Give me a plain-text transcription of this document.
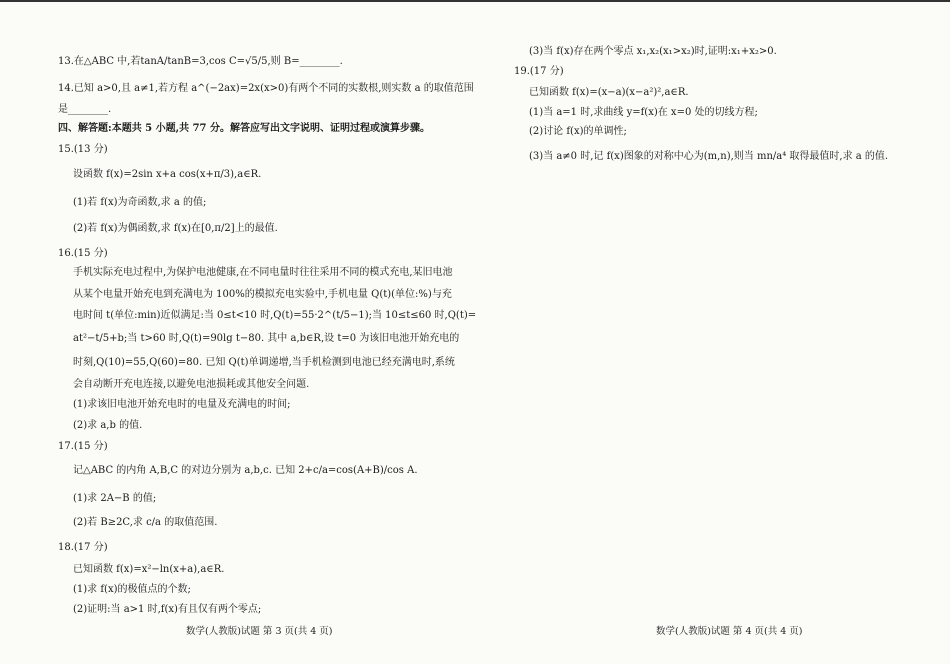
13.在△ABC 中,若tanA/tanB=3,cos C=√5/5,则 B=________.
14.已知 a>0,且 a≠1,若方程 a^(−2ax)=2x(x>0)有两个不同的实数根,则实数 a 的取值范围
是________.
四、解答题:本题共 5 小题,共 77 分。解答应写出文字说明、证明过程或演算步骤。
15.(13 分)
设函数 f(x)=2sin x+a cos(x+π/3),a∈R.
(1)若 f(x)为奇函数,求 a 的值;
(2)若 f(x)为偶函数,求 f(x)在[0,π/2]上的最值.
16.(15 分)
手机实际充电过程中,为保护电池健康,在不同电量时往往采用不同的模式充电,某旧电池
从某个电量开始充电到充满电为 100%的模拟充电实验中,手机电量 Q(t)(单位:%)与充
电时间 t(单位:min)近似满足:当 0≤t<10 时,Q(t)=55·2^(t/5−1);当 10≤t≤60 时,Q(t)=
at²−t/5+b;当 t>60 时,Q(t)=90lg t−80. 其中 a,b∈R,设 t=0 为该旧电池开始充电的
时刻,Q(10)=55,Q(60)=80. 已知 Q(t)单调递增,当手机检测到电池已经充满电时,系统
会自动断开充电连接,以避免电池损耗或其他安全问题.
(1)求该旧电池开始充电时的电量及充满电的时间;
(2)求 a,b 的值.
17.(15 分)
记△ABC 的内角 A,B,C 的对边分别为 a,b,c. 已知 2+c/a=cos(A+B)/cos A.
(1)求 2A−B 的值;
(2)若 B≥2C,求 c/a 的取值范围.
18.(17 分)
已知函数 f(x)=x²−ln(x+a),a∈R.
(1)求 f(x)的极值点的个数;
(2)证明:当 a>1 时,f(x)有且仅有两个零点;
(3)当 f(x)存在两个零点 x₁,x₂(x₁>x₂)时,证明:x₁+x₂>0.
19.(17 分)
已知函数 f(x)=(x−a)(x−a²)²,a∈R.
(1)当 a=1 时,求曲线 y=f(x)在 x=0 处的切线方程;
(2)讨论 f(x)的单调性;
(3)当 a≠0 时,记 f(x)图象的对称中心为(m,n),则当 mn/a⁴ 取得最值时,求 a 的值.
数学(人教版)试题 第 3 页(共 4 页)	数学(人教版)试题 第 4 页(共 4 页)
